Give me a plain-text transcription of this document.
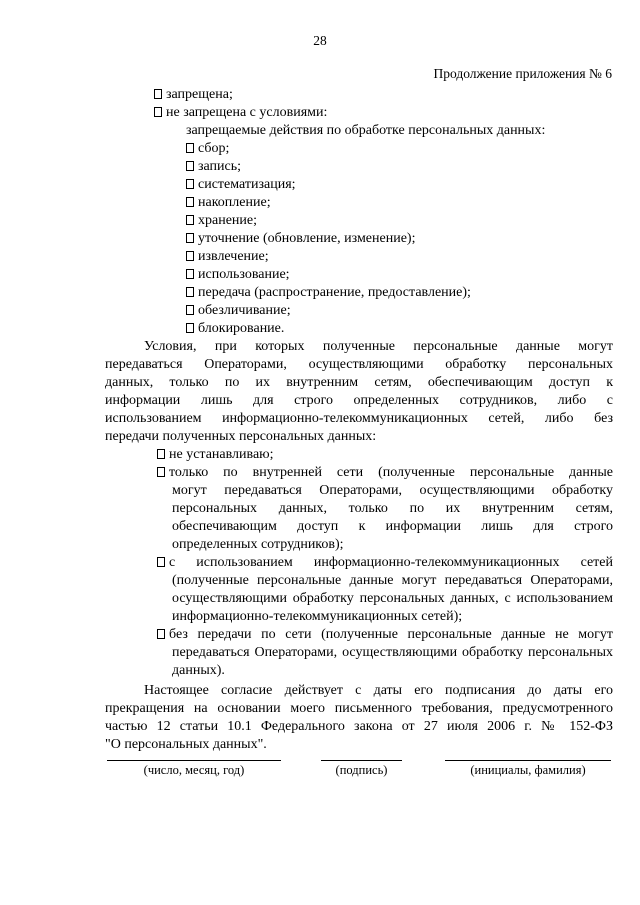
28
Продолжение приложения № 6
запрещена;
не запрещена с условиями:
запрещаемые действия по обработке персональных данных:
сбор;
запись;
систематизация;
накопление;
хранение;
уточнение (обновление, изменение);
извлечение;
использование;
передача (распространение, предоставление);
обезличивание;
блокирование.
Условия, при которых полученные персональные данные могут
передаваться Операторами, осуществляющими обработку персональных
данных, только по их внутренним сетям, обеспечивающим доступ к
информации лишь для строго определенных сотрудников, либо с
использованием информационно-телекоммуникационных сетей, либо без
передачи полученных персональных данных:
не устанавливаю;
только по внутренней сети (полученные персональные данные
могут передаваться Операторами, осуществляющими обработку
персональных данных, только по их внутренним сетям,
обеспечивающим доступ к информации лишь для строго
определенных сотрудников);
с использованием информационно-телекоммуникационных сетей
(полученные персональные данные могут передаваться Операторами,
осуществляющими обработку персональных данных, с использованием
информационно-телекоммуникационных сетей);
без передачи по сети (полученные персональные данные не могут
передаваться Операторами, осуществляющими обработку персональных
данных).
Настоящее согласие действует с даты его подписания до даты его
прекращения на основании моего письменного требования, предусмотренного
частью 12 статьи 10.1 Федерального закона от 27 июля 2006 г. № 152-ФЗ
"О персональных данных".
(число, месяц, год)	(подпись)	(инициалы, фамилия)
